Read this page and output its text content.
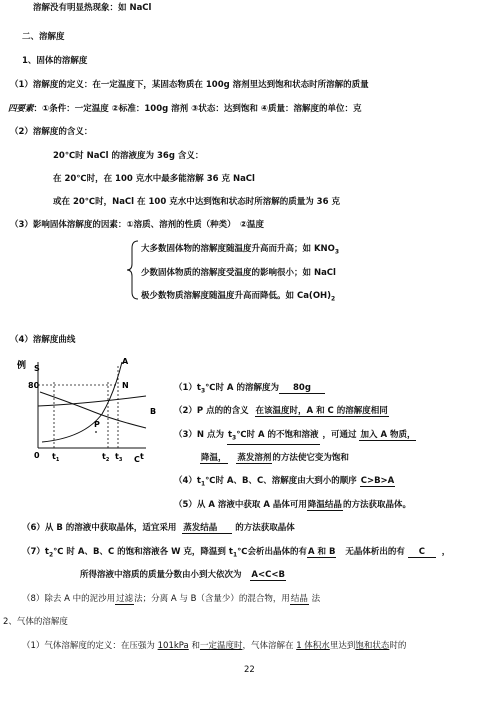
溶解没有明显热现象：如 NaCl
二、溶解度
1、固体的溶解度
（1）溶解度的定义：在一定温度下，某固态物质在 100g 溶剂里达到饱和状态时所溶解的质量
四要素：①条件：一定温度 ②标准：100g 溶剂 ③状态：达到饱和 ④质量：溶解度的单位：克
（2）溶解度的含义：
20℃时 NaCl 的溶液度为 36g 含义：
在 20℃时，在 100 克水中最多能溶解 36 克 NaCl
或在 20℃时，NaCl 在 100 克水中达到饱和状态时所溶解的质量为 36 克
（3）影响固体溶解度的因素：①溶质、溶剂的性质（种类）　②温度
大多数固体物的溶解度随温度升高而升高；如 $KNO_3$
少数固体物质的溶解度受温度的影响很小；如 NaCl
极少数物质溶解度随温度升高而降低。如 $Ca(OH)_2$
（4）溶解度曲线
例 S
80
0
A
B
N
P
$t_1$	$t_2$ $t_3$ C t
$(1)t_3℃$时 A 的溶解度为 80g
（2）P 点的的含义 在该温度时，A 和 C 的溶解度相同
（3）N 点为 $t_3℃$时 A 的不饱和溶液 ，可通过 加入 A 物质，
降温， 蒸发溶剂的方法使它变为饱和
$(4)t_1℃$时 A、B、C、溶解度由大到小的顺序 C>B>A
（5）从 A 溶液中获取 A 晶体可用降温结晶的方法获取晶体。
（6）从 B 的溶液中获取晶体，适宜采用 蒸发结晶 的方法获取晶体
$(7)t_2℃$ 时 A、B、C 的饱和溶液各 W 克，降温到 $t_1℃$会析出晶体的有A 和 B 无晶体析出的有 C ，
所得溶液中溶质的质量分数由小到大依次为 A<C<B
（8）除去 A 中的泥沙用过滤法；分离 A 与 B（含量少）的混合物，用结晶 法
2、气体的溶解度
（1）气体溶解度的定义：在压强为 101kPa 和一定温度时，气体溶解在 1 体积水里达到饱和状态时的
22
